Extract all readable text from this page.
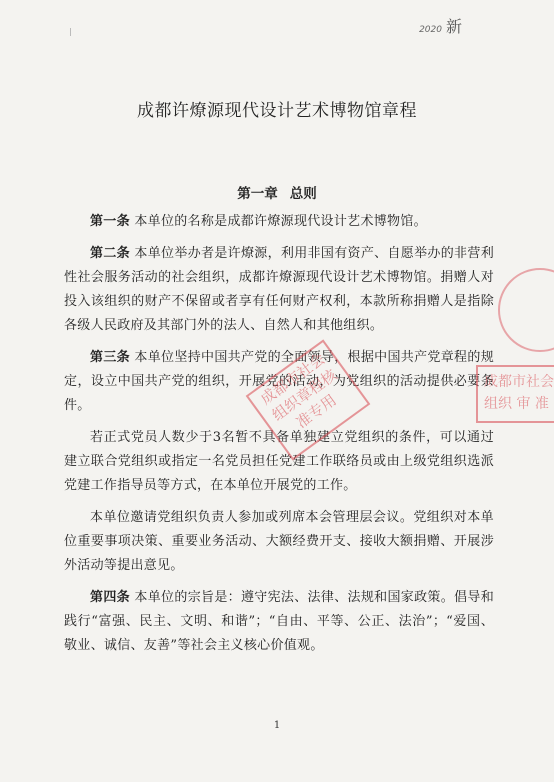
2020 新
成都许燎源现代设计艺术博物馆章程
第一章 总则

第一条 本单位的名称是成都许燎源现代设计艺术博物馆。

第二条 本单位举办者是许燎源，利用非国有资产、自愿举办的非营利性社会服务活动的社会组织，成都许燎源现代设计艺术博物馆。捐赠人对投入该组织的财产不保留或者享有任何财产权利，本款所称捐赠人是指除各级人民政府及其部门外的法人、自然人和其他组织。

第三条 本单位坚持中国共产党的全面领导，根据中国共产党章程的规定，设立中国共产党的组织，开展党的活动，为党组织的活动提供必要条件。

若正式党员人数少于3名暂不具备单独建立党组织的条件，可以通过建立联合党组织或指定一名党员担任党建工作联络员或由上级党组织选派党建工作指导员等方式，在本单位开展党的工作。

本单位邀请党组织负责人参加或列席本会管理层会议。党组织对本单位重要事项决策、重要业务活动、大额经费开支、接收大额捐赠、开展涉外活动等提出意见。

第四条 本单位的宗旨是：遵守宪法、法律、法规和国家政策。倡导和践行“富强、民主、文明、和谐”；“自由、平等、公正、法治”；“爱国、敬业、诚信、友善”等社会主义核心价值观。

成都市社会组织章程核准专用
成都市社会组织 审 准
1
